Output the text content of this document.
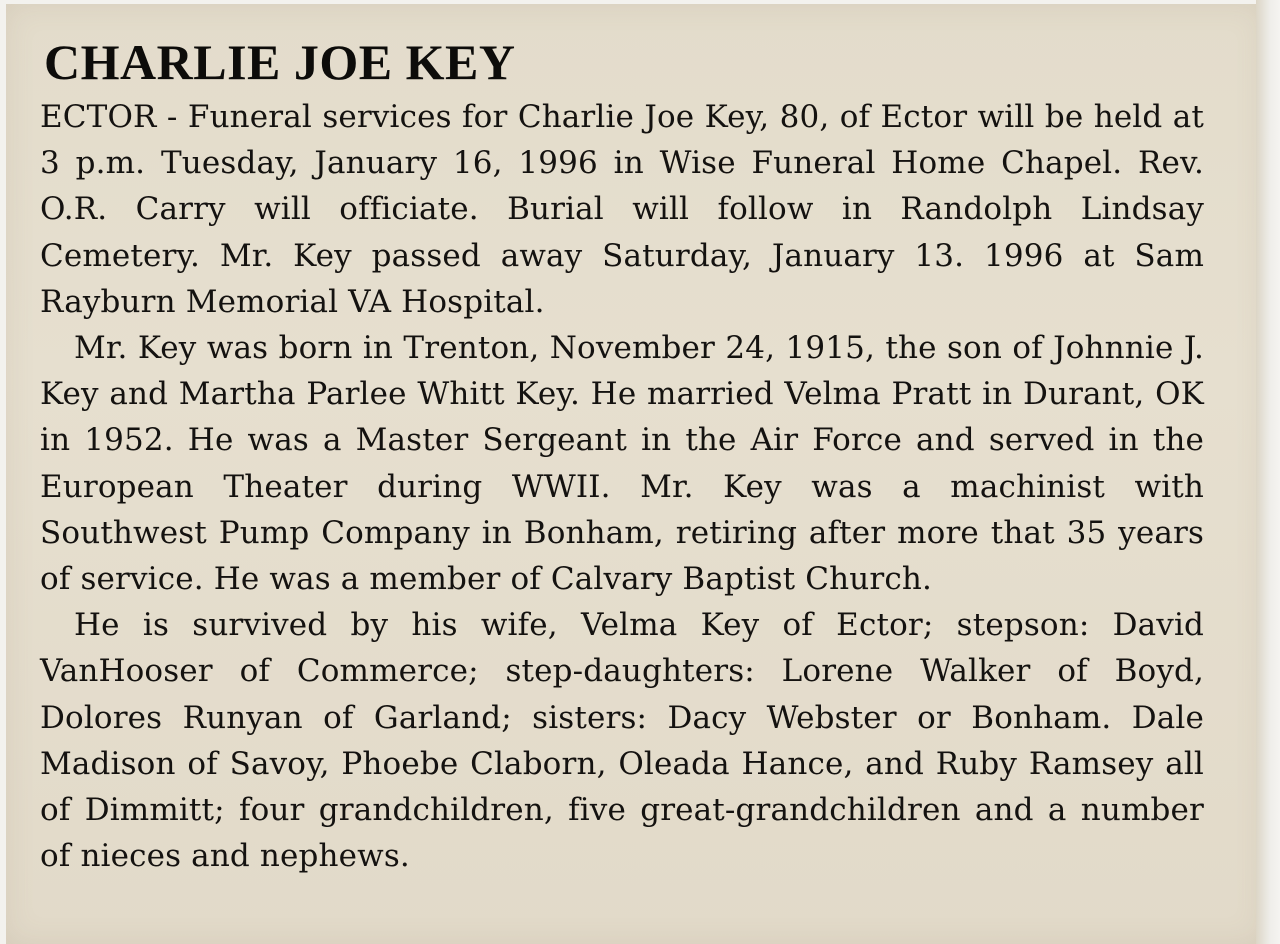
CHARLIE JOE KEY

ECTOR - Funeral services for Charlie Joe Key, 80, of Ector will be held at 3 p.m. Tuesday, January 16, 1996 in Wise Funeral Home Chapel. Rev. O.R. Carry will officiate. Burial will follow in Randolph Lindsay Cemetery. Mr. Key passed away Saturday, January 13. 1996 at Sam Rayburn Memorial VA Hospital.

Mr. Key was born in Trenton, November 24, 1915, the son of Johnnie J. Key and Martha Parlee Whitt Key. He married Velma Pratt in Durant, OK in 1952. He was a Master Sergeant in the Air Force and served in the European Theater during WWII. Mr. Key was a machinist with Southwest Pump Company in Bonham, retiring after more that 35 years of service. He was a member of Calvary Baptist Church.

He is survived by his wife, Velma Key of Ector; stepson: David VanHooser of Commerce; step-daughters: Lorene Walker of Boyd, Dolores Runyan of Garland; sisters: Dacy Webster or Bonham. Dale Madison of Savoy, Phoebe Claborn, Oleada Hance, and Ruby Ramsey all of Dimmitt; four grandchildren, five great-grandchildren and a number of nieces and nephews.
